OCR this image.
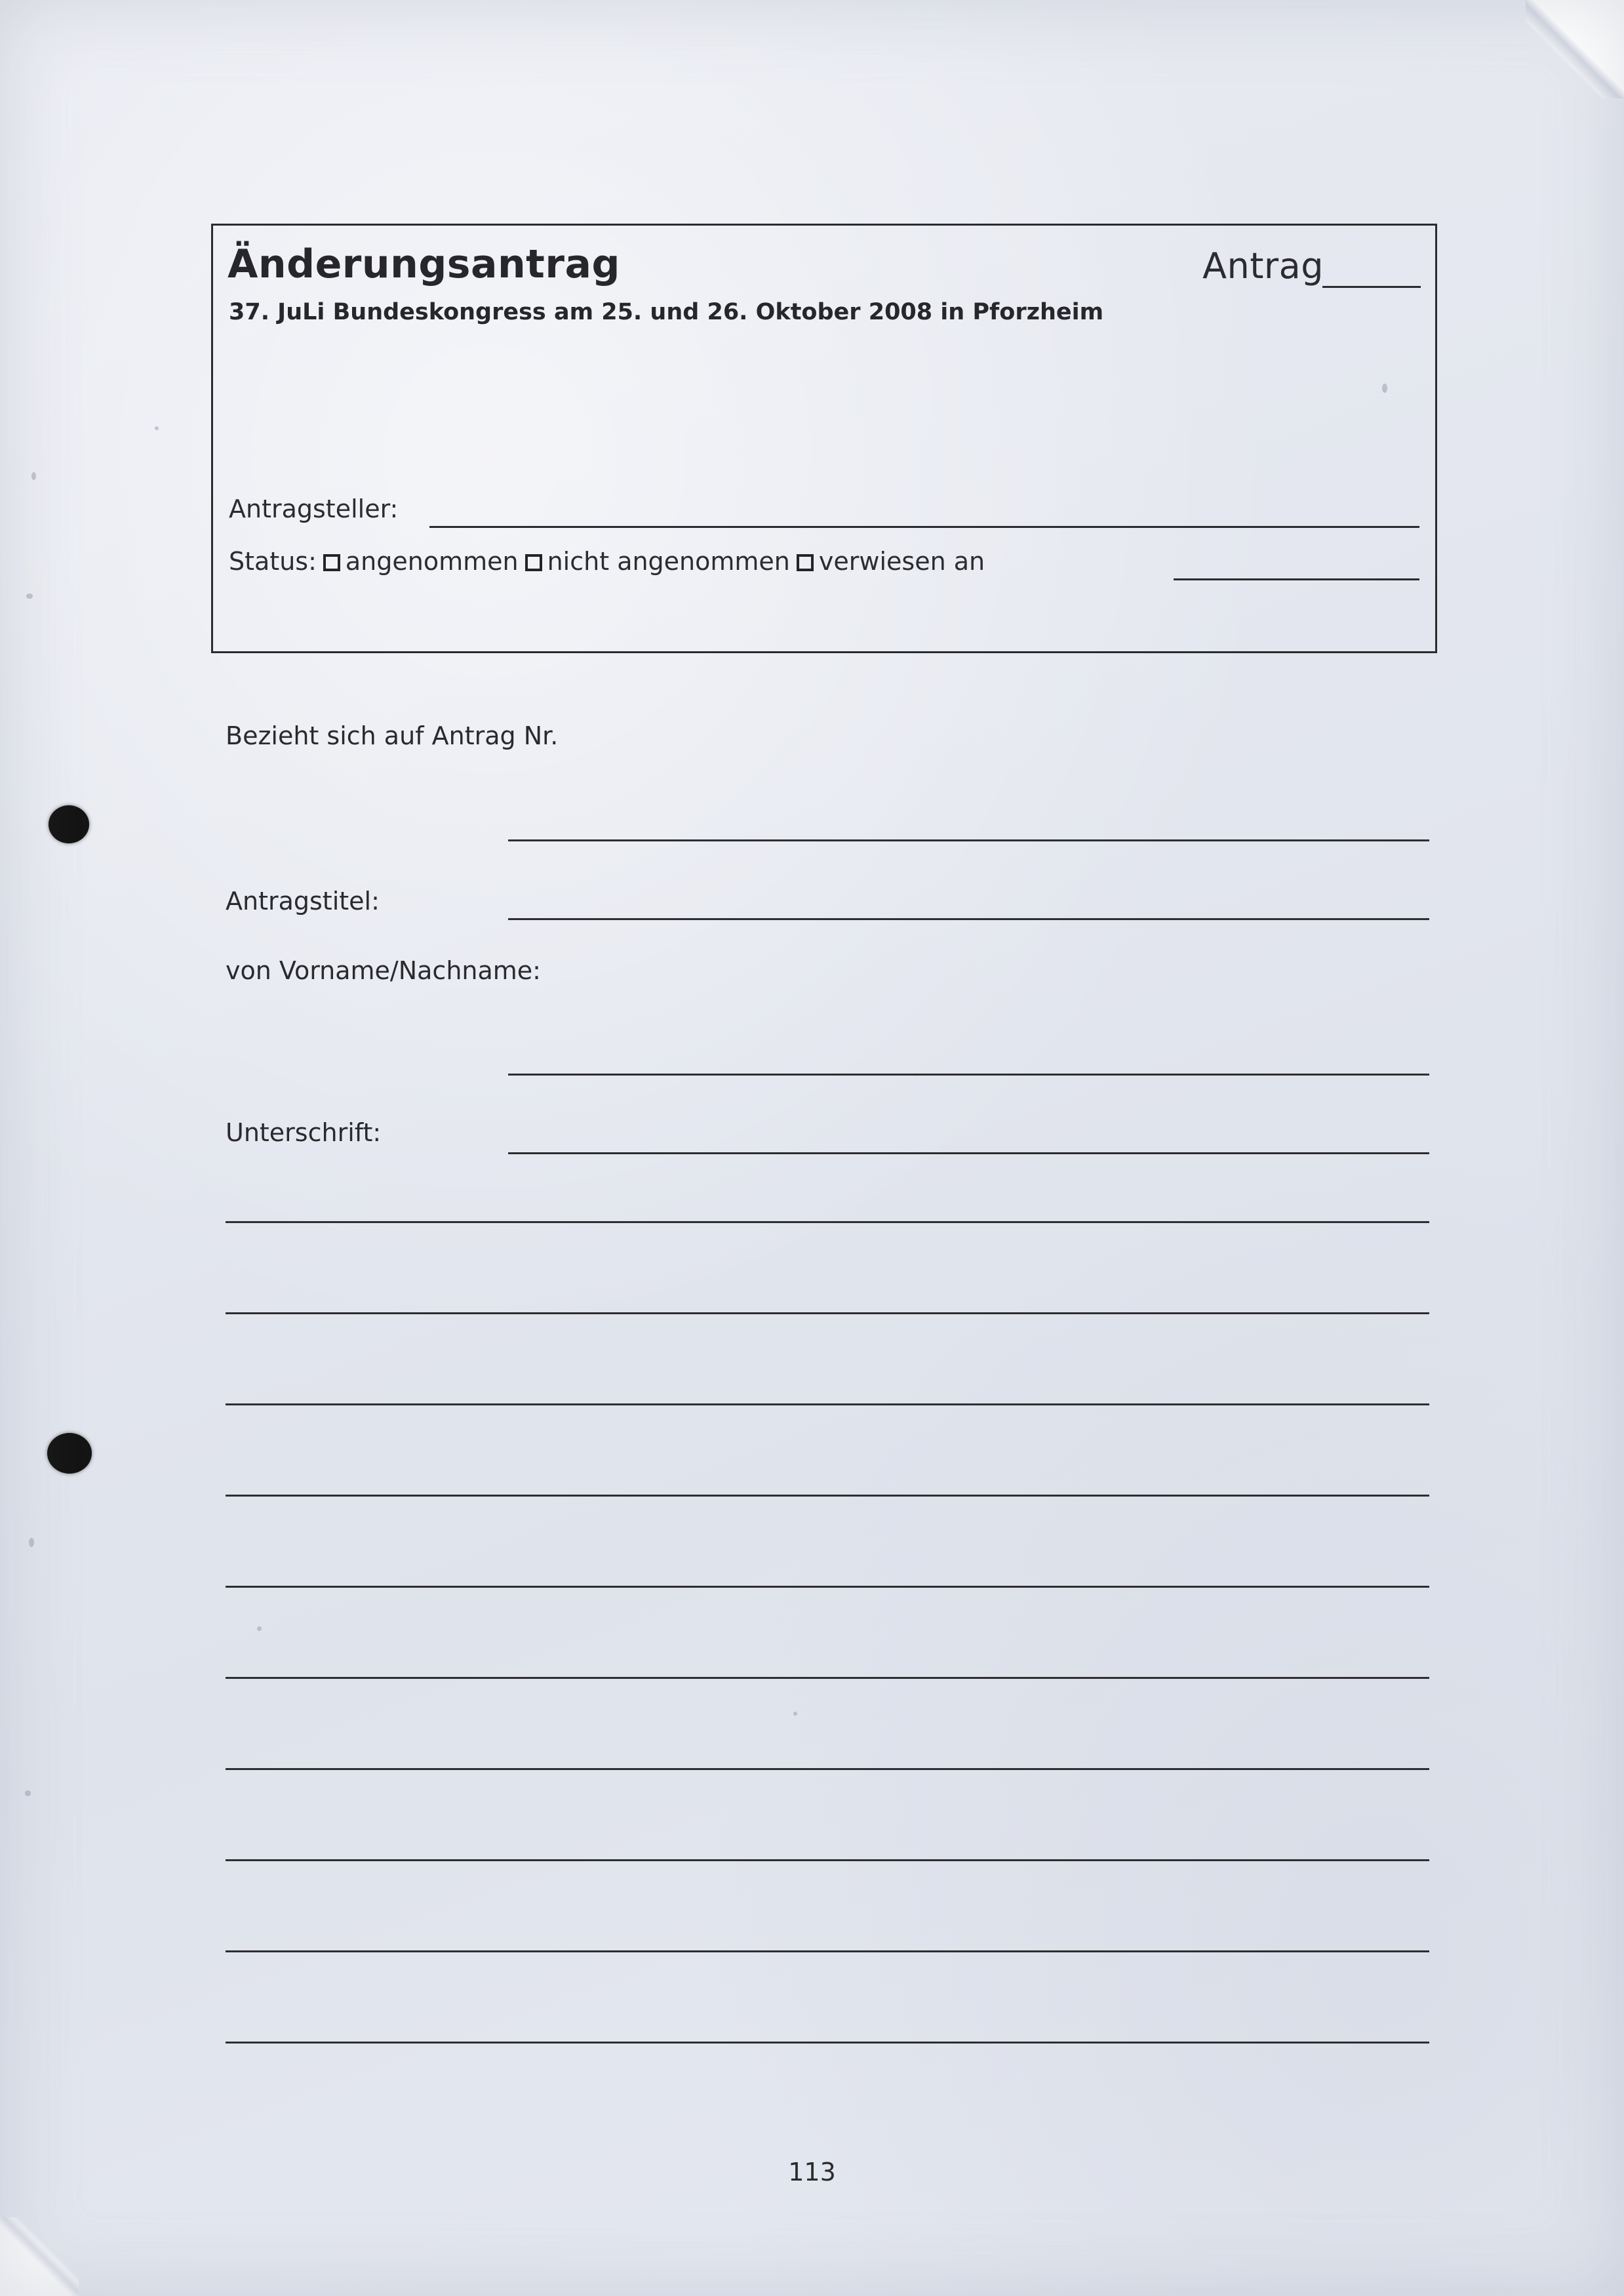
Änderungsantrag	Antrag
37. JuLi Bundeskongress am 25. und 26. Oktober 2008 in Pforzheim
Antragsteller:
Status: angenommen nicht angenommen verwiesen an
Bezieht sich auf Antrag Nr.
Antragstitel:
von Vorname/Nachname:
Unterschrift:
113
